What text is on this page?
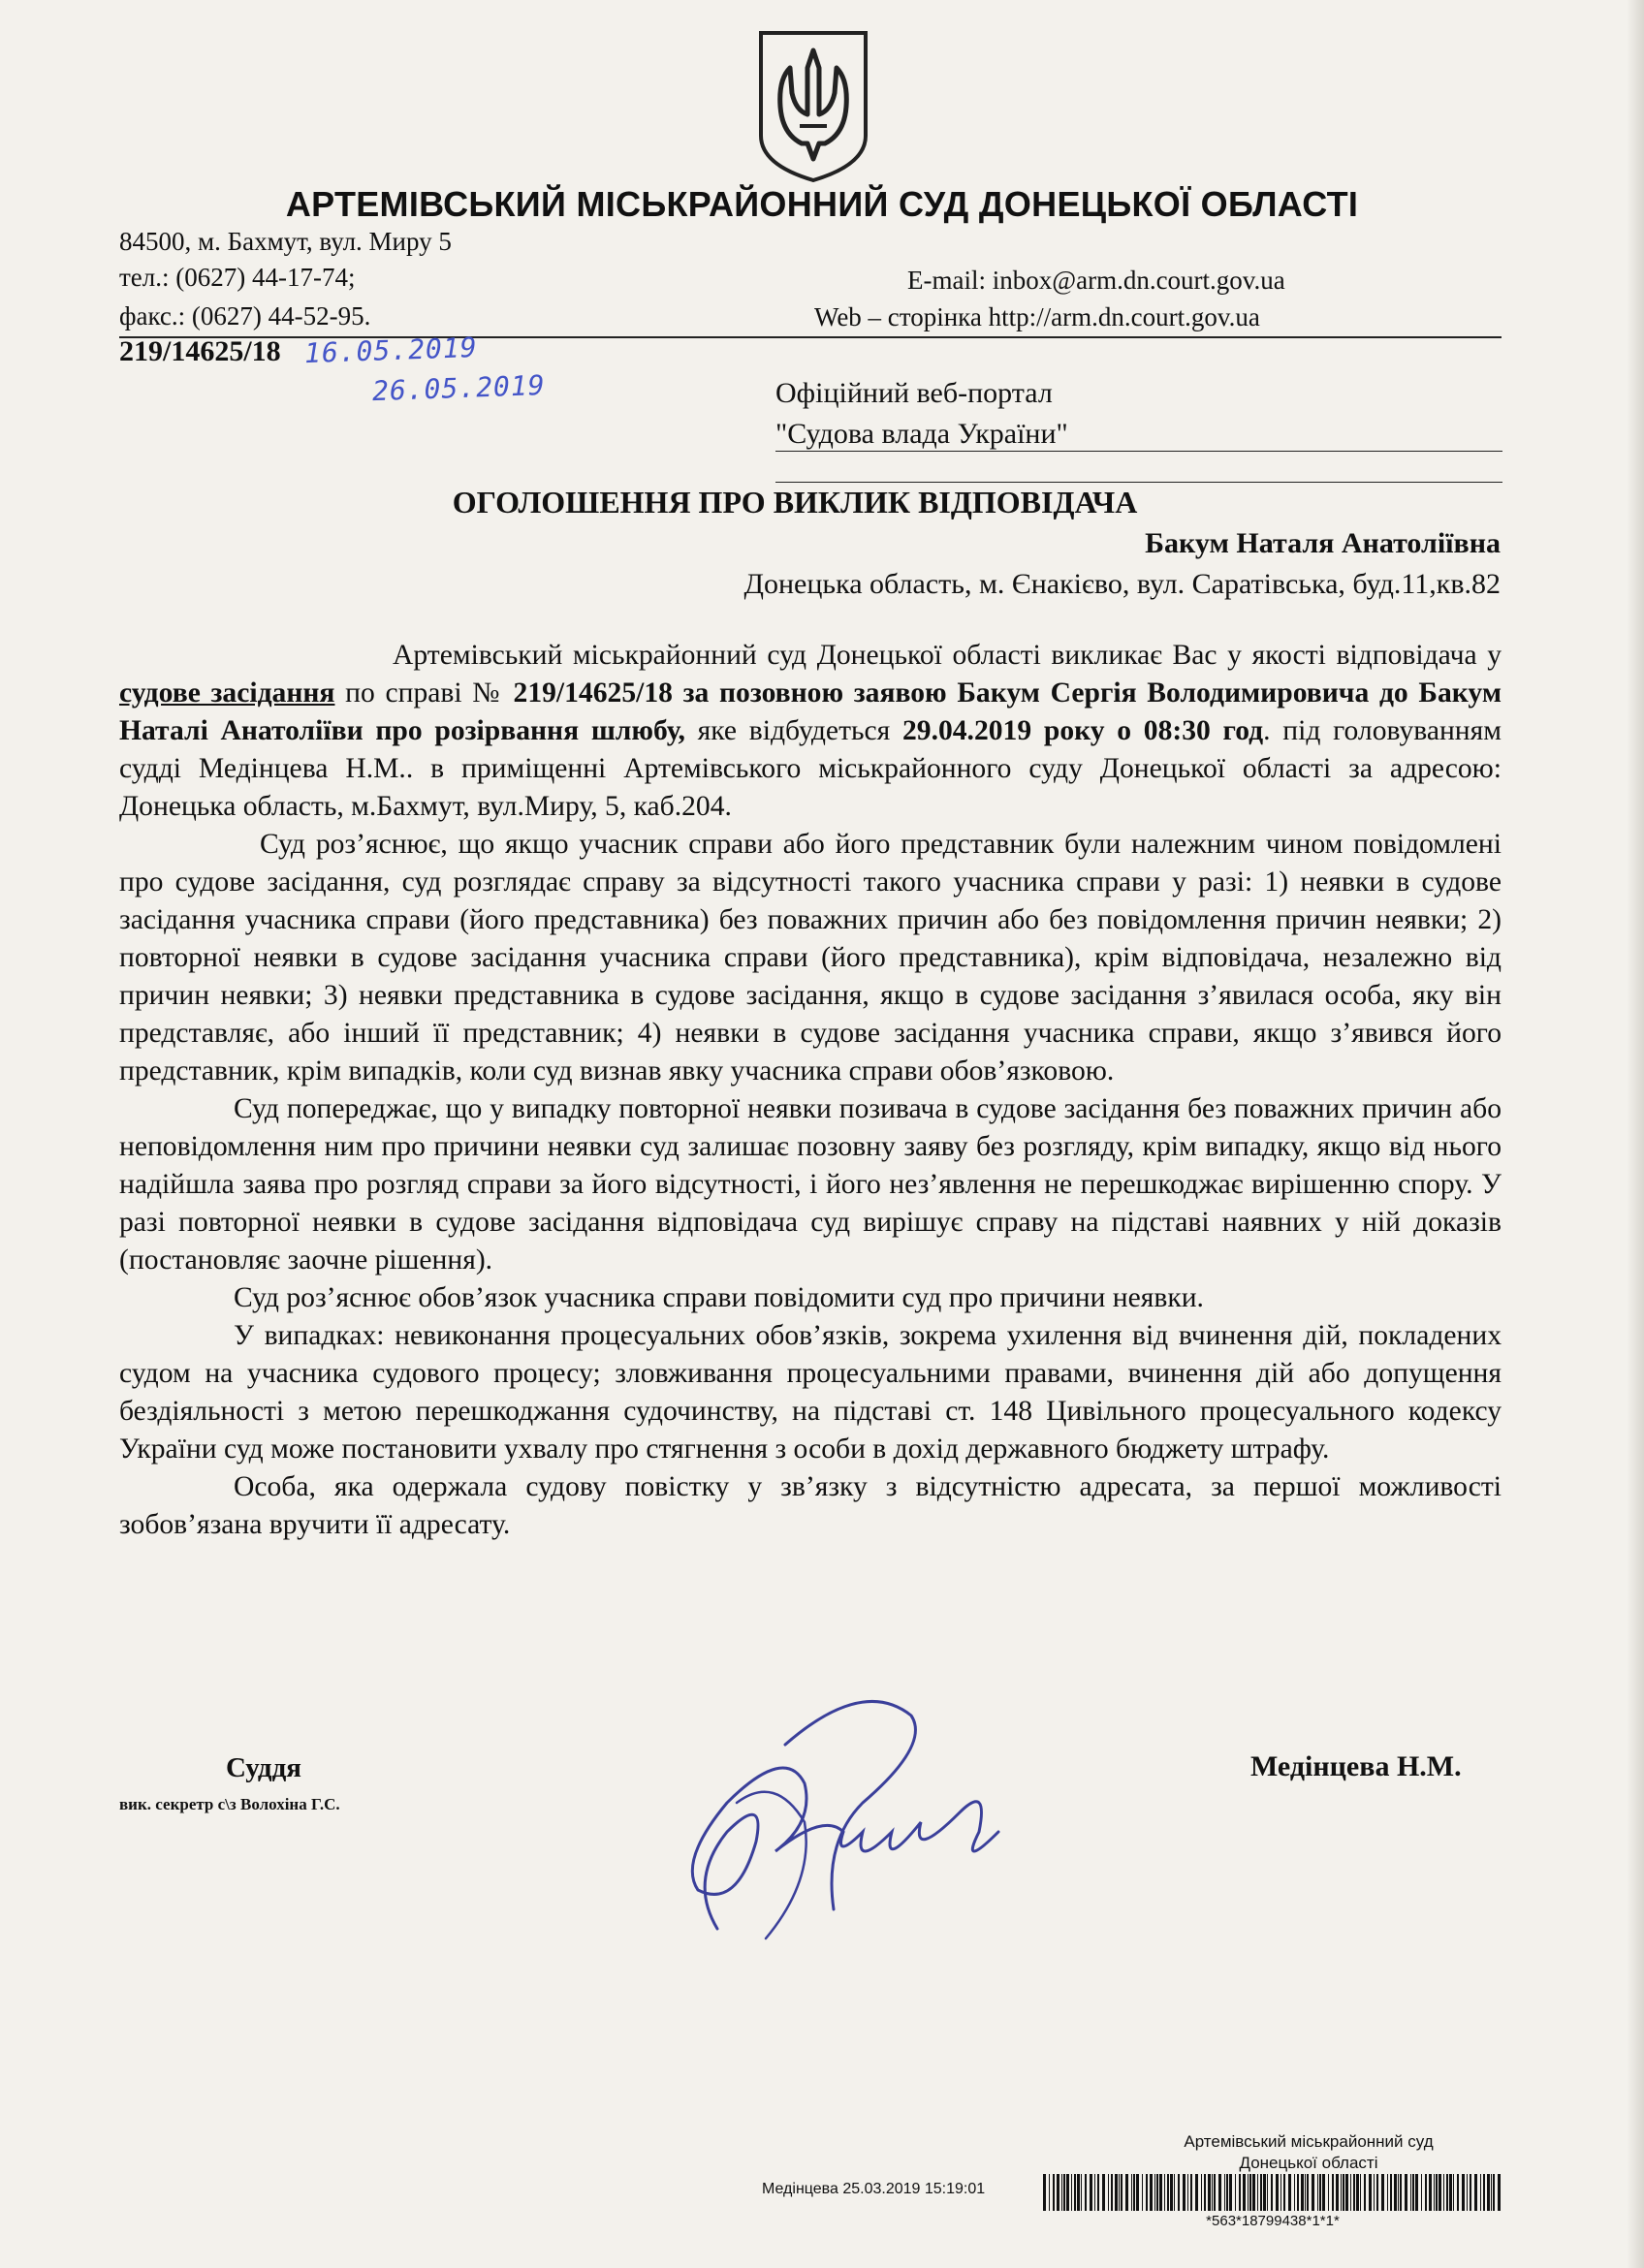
АРТЕМІВСЬКИЙ МІСЬКРАЙОННИЙ СУД ДОНЕЦЬКОЇ ОБЛАСТІ
84500, м. Бахмут, вул. Миру 5
тел.: (0627) 44-17-74;
факс.: (0627) 44-52-95.
E-mail: inbox@arm.dn.court.gov.ua
Web – сторінка http://arm.dn.court.gov.ua
219/14625/18 16.05.2019
26.05.2019	Офіційний веб-портал
"Судова влада України"
ОГОЛОШЕННЯ ПРО ВИКЛИК ВІДПОВІДАЧА
Бакум Наталя Анатоліївна
Донецька область, м. Єнакієво, вул. Саратівська, буд.11,кв.82

Артемівський міськрайонний суд Донецької області викликає Вас у якості відповідача у судове засідання по справі № 219/14625/18 за позовною заявою Бакум Сергія Володимировича до Бакум Наталі Анатоліїви про розірвання шлюбу, яке відбудеться 29.04.2019 року о 08:30 год. під головуванням судді Медінцева Н.М.. в приміщенні Артемівського міськрайонного суду Донецької області за адресою: Донецька область, м.Бахмут, вул.Миру, 5, каб.204.

Суд роз’яснює, що якщо учасник справи або його представник були належним чином повідомлені про судове засідання, суд розглядає справу за відсутності такого учасника справи у разі: 1) неявки в судове засідання учасника справи (його представника) без поважних причин або без повідомлення причин неявки; 2) повторної неявки в судове засідання учасника справи (його представника), крім відповідача, незалежно від причин неявки; 3) неявки представника в судове засідання, якщо в судове засідання з’явилася особа, яку він представляє, або інший її представник; 4) неявки в судове засідання учасника справи, якщо з’явився його представник, крім випадків, коли суд визнав явку учасника справи обов’язковою.

Суд попереджає, що у випадку повторної неявки позивача в судове засідання без поважних причин або неповідомлення ним про причини неявки суд залишає позовну заяву без розгляду, крім випадку, якщо від нього надійшла заява про розгляд справи за його відсутності, і його нез’явлення не перешкоджає вирішенню спору. У разі повторної неявки в судове засідання відповідача суд вирішує справу на підставі наявних у ній доказів (постановляє заочне рішення).

Суд роз’яснює обов’язок учасника справи повідомити суд про причини неявки.

У випадках: невиконання процесуальних обов’язків, зокрема ухилення від вчинення дій, покладених судом на учасника судового процесу; зловживання процесуальними правами, вчинення дій або допущення бездіяльності з метою перешкоджання судочинству, на підставі ст. 148 Цивільного процесуального кодексу України суд може постановити ухвалу про стягнення з особи в дохід державного бюджету штрафу.

Особа, яка одержала судову повістку у зв’язку з відсутністю адресата, за першої можливості зобов’язана вручити її адресату.

Суддя
вик. секретр с\з Волохіна Г.С.
Медінцева Н.М.
Артемівський міськрайонний суд
Донецької області
Медінцева 25.03.2019 15:19:01
*563*18799438*1*1*
